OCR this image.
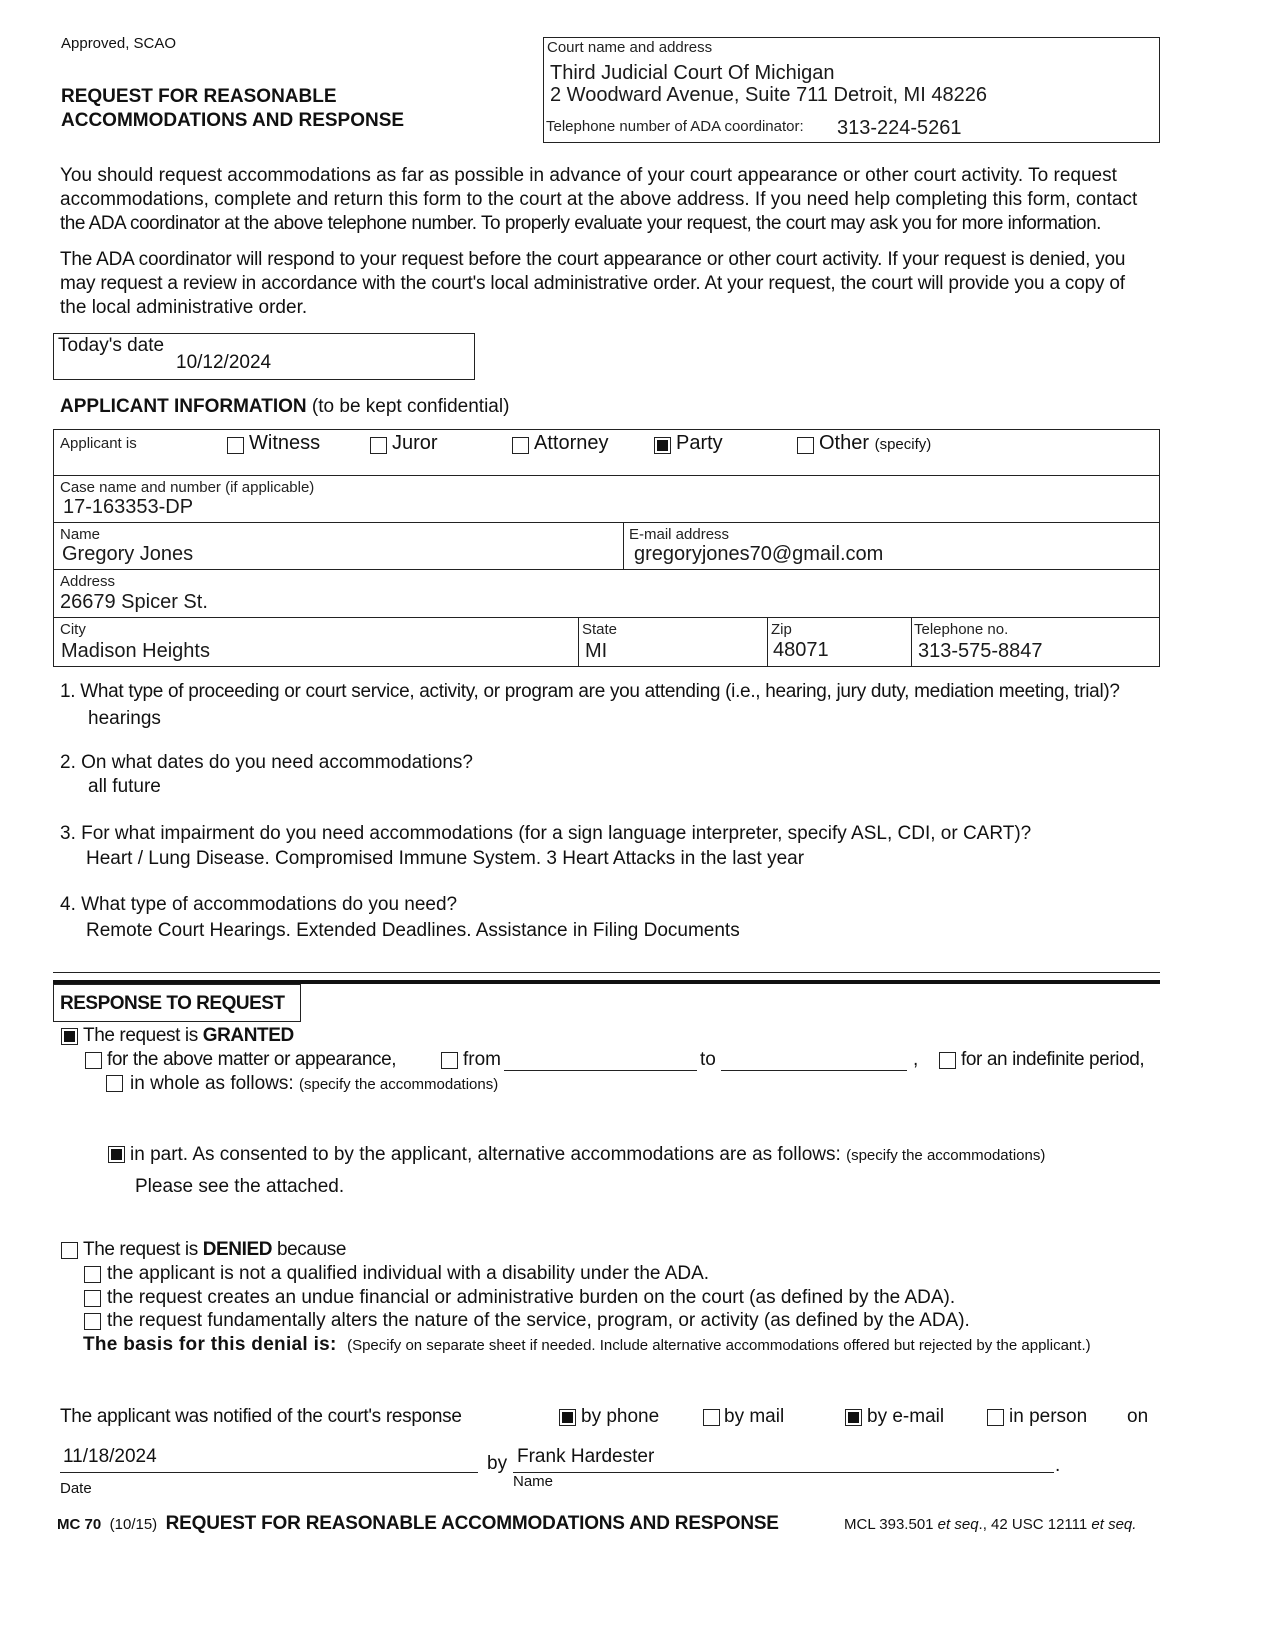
Approved, SCAO
REQUEST FOR REASONABLE
ACCOMMODATIONS AND RESPONSE
Court name and address
Third Judicial Court Of Michigan
2 Woodward Avenue, Suite 711 Detroit, MI 48226
Telephone number of ADA coordinator: 313-224-5261
You should request accommodations as far as possible in advance of your court appearance or other court activity. To request
accommodations, complete and return this form to the court at the above address. If you need help completing this form, contact
the ADA coordinator at the above telephone number. To properly evaluate your request, the court may ask you for more information.
The ADA coordinator will respond to your request before the court appearance or other court activity. If your request is denied, you
may request a review in accordance with the court's local administrative order. At your request, the court will provide you a copy of
the local administrative order.
Today's date
10/12/2024
APPLICANT INFORMATION (to be kept confidential)
Applicant is	Witness	Juror	Attorney	Party	Other (specify)
Case name and number (if applicable)
17-163353-DP
Name
Gregory Jones
E-mail address
gregoryjones70@gmail.com
Address
26679 Spicer St.
City
Madison Heights
State
MI
Zip
48071
Telephone no.
313-575-8847
1. What type of proceeding or court service, activity, or program are you attending (i.e., hearing, jury duty, mediation meeting, trial)?
hearings
2. On what dates do you need accommodations?
all future
3. For what impairment do you need accommodations (for a sign language interpreter, specify ASL, CDI, or CART)?
Heart / Lung Disease. Compromised Immune System. 3 Heart Attacks in the last year
4. What type of accommodations do you need?
Remote Court Hearings. Extended Deadlines. Assistance in Filing Documents
RESPONSE TO REQUEST
The request is GRANTED
for the above matter or appearance,	from	to	, for an indefinite period,
in whole as follows: (specify the accommodations)
in part. As consented to by the applicant, alternative accommodations are as follows: (specify the accommodations)
Please see the attached.
The request is DENIED because
the applicant is not a qualified individual with a disability under the ADA.
the request creates an undue financial or administrative burden on the court (as defined by the ADA).
the request fundamentally alters the nature of the service, program, or activity (as defined by the ADA).
The basis for this denial is: (Specify on separate sheet if needed. Include alternative accommodations offered but rejected by the applicant.)
The applicant was notified of the court's response	by phone	by mail	by e-mail	in person on
11/18/2024
Date
by Frank Hardester	.
Name
MC 70 (10/15) REQUEST FOR REASONABLE ACCOMMODATIONS AND RESPONSE	MCL 393.501 et seq., 42 USC 12111 et seq.
